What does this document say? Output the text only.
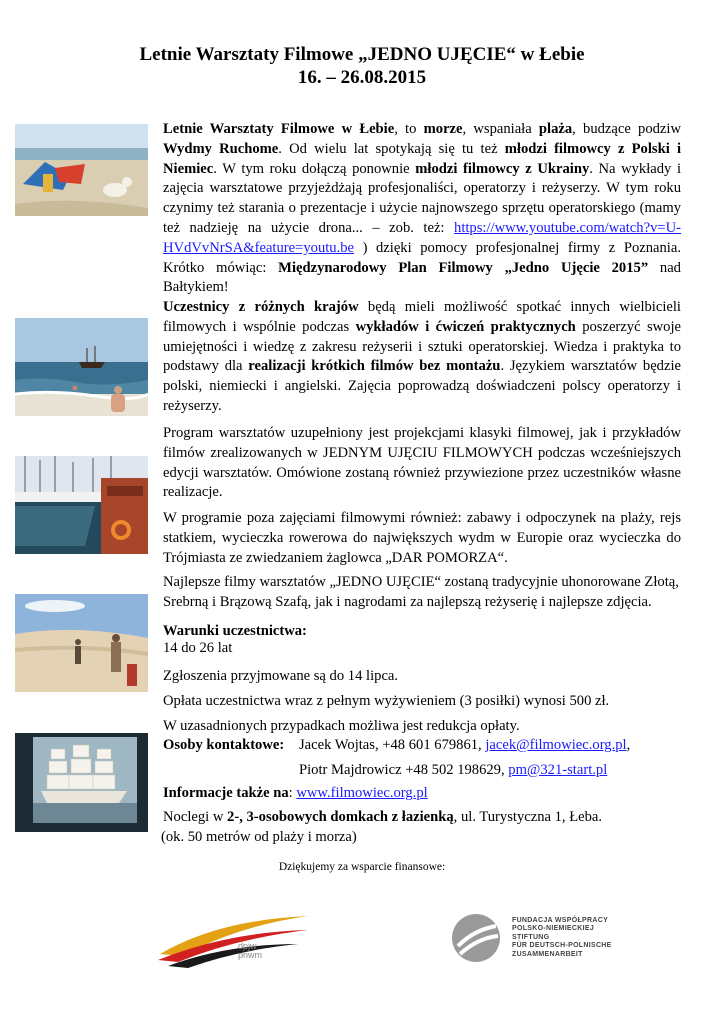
Letnie Warsztaty Filmowe „JEDNO UJĘCIE“ w Łebie
16. – 26.08.2015
Letnie Warsztaty Filmowe w Łebie, to morze, wspaniała plaża, budzące podziw Wydmy Ruchome. Od wielu lat spotykają się tu też młodzi filmowcy z Polski i Niemiec. W tym roku dołączą ponownie młodzi filmowcy z Ukrainy. Na wykłady i zajęcia warsztatowe przyjeżdżają profesjonaliści, operatorzy i reżyserzy. W tym roku czynimy też starania o prezentacje i użycie najnowszego sprzętu operatorskiego (mamy też nadzieję na użycie drona... – zob. też: https://www.youtube.com/watch?v=U-HVdVvNrSA&feature=youtu.be ) dzięki pomocy profesjonalnej firmy z Poznania. Krótko mówiąc: Międzynarodowy Plan Filmowy „Jedno Ujęcie 2015” nad Bałtykiem!
Uczestnicy z różnych krajów będą mieli możliwość spotkać innych wielbicieli filmowych i wspólnie podczas wykładów i ćwiczeń praktycznych poszerzyć swoje umiejętności i wiedzę z zakresu reżyserii i sztuki operatorskiej. Wiedza i praktyka to podstawy dla realizacji krótkich filmów bez montażu. Językiem warsztatów będzie polski, niemiecki i angielski. Zajęcia poprowadzą doświadczeni polscy operatorzy i reżyserzy.
Program warsztatów uzupełniony jest projekcjami klasyki filmowej, jak i przykładów filmów zrealizowanych w JEDNYM UJĘCIU FILMOWYCH podczas wcześniejszych edycji warsztatów. Omówione zostaną również przywiezione przez uczestników własne realizacje.
W programie poza zajęciami filmowymi również: zabawy i odpoczynek na plaży, rejs statkiem, wycieczka rowerowa do największych wydm w Europie oraz wycieczka do Trójmiasta ze zwiedzaniem żaglowca „DAR POMORZA“.
Najlepsze filmy warsztatów „JEDNO UJĘCIE“ zostaną tradycyjnie uhonorowane Złotą, Srebrną i Brązową Szafą, jak i nagrodami za najlepszą reżyserię i najlepsze zdjęcia.
Warunki uczestnictwa:
14 do 26 lat
Zgłoszenia przyjmowane są do 14 lipca.
Opłata uczestnictwa wraz z pełnym wyżywieniem (3 posiłki) wynosi 500 zł.
W uzasadnionych przypadkach możliwa jest redukcja opłaty.
Osoby kontaktowe: Jacek Wojtas, +48 601 679861, jacek@filmowiec.org.pl,
Piotr Majdrowicz +48 502 198629, pm@321-start.pl
Informacje także na: www.filmowiec.org.pl
Noclegi w 2-, 3-osobowych domkach z łazienką, ul. Turystyczna 1, Łeba.
(ok. 50 metrów od plaży i morza)
Dziękujemy za wsparcie finansowe:
dpjw
pnwm
FUNDACJA WSPÓŁPRACY
POLSKO-NIEMIECKIEJ
STIFTUNG
FÜR DEUTSCH-POLNISCHE
ZUSAMMENARBEIT
